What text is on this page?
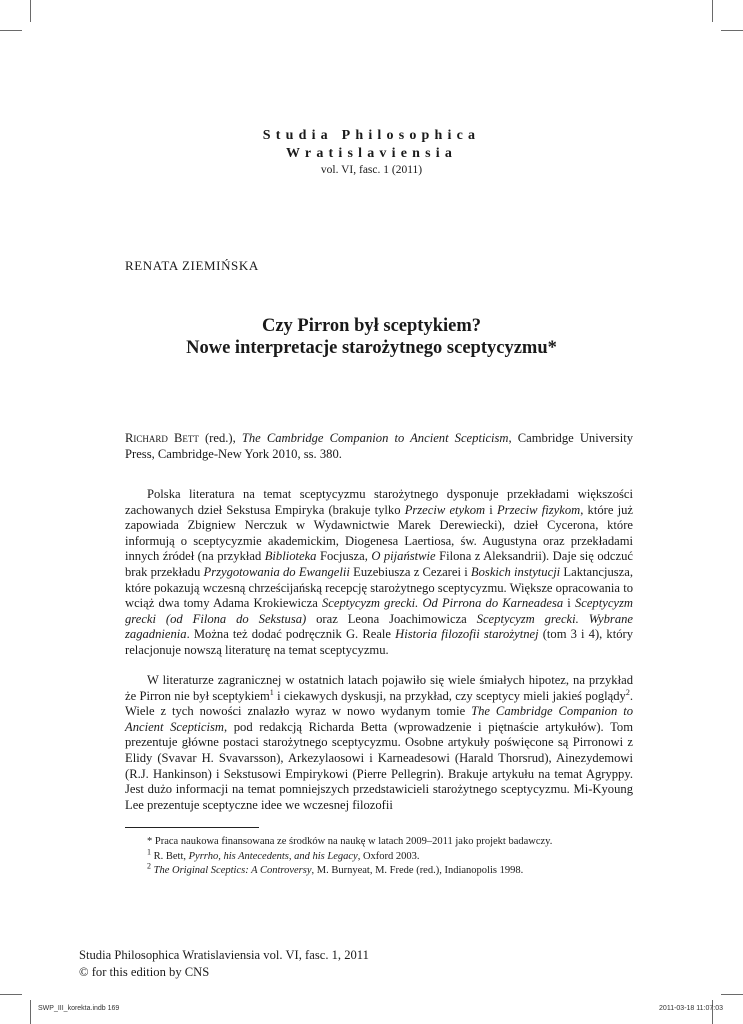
Studia Philosophica
Wratislaviensia
vol. VI, fasc. 1 (2011)
RENATA ZIEMIŃSKA
Czy Pirron był sceptykiem?
Nowe interpretacje starożytnego sceptycyzmu*
Richard Bett (red.), The Cambridge Companion to Ancient Scepticism, Cambridge University Press, Cambridge-New York 2010, ss. 380.
Polska literatura na temat sceptycyzmu starożytnego dysponuje przekładami większości zachowanych dzieł Sekstusa Empiryka (brakuje tylko Przeciw etykom i Przeciw fizykom, które już zapowiada Zbigniew Nerczuk w Wydawnictwie Marek Derewiecki), dzieł Cycerona, które informują o sceptycyzmie akademickim, Diogenesa Laertiosa, św. Augustyna oraz przekładami innych źródeł (na przykład Biblioteka Focjusza, O pijaństwie Filona z Aleksandrii). Daje się odczuć brak przekładu Przygotowania do Ewangelii Euzebiusza z Cezarei i Boskich instytucji Laktancjusza, które pokazują wczesną chrześcijańską recepcję starożytnego sceptycyzmu. Większe opracowania to wciąż dwa tomy Adama Krokiewicza Sceptycyzm grecki. Od Pirrona do Karneadesa i Sceptycyzm grecki (od Filona do Sekstusa) oraz Leona Joachimowicza Sceptycyzm grecki. Wybrane zagadnienia. Można też dodać podręcznik G. Reale Historia filozofii starożytnej (tom 3 i 4), który relacjonuje nowszą literaturę na temat sceptycyzmu.
W literaturze zagranicznej w ostatnich latach pojawiło się wiele śmiałych hipotez, na przykład że Pirron nie był sceptykiem$^1$ i ciekawych dyskusji, na przykład, czy sceptycy mieli jakieś poglądy$^2$. Wiele z tych nowości znalazło wyraz w nowo wydanym tomie The Cambridge Companion to Ancient Scepticism, pod redakcją Richarda Betta (wprowadzenie i piętnaście artykułów). Tom prezentuje główne postaci starożytnego sceptycyzmu. Osobne artykuły poświęcone są Pirronowi z Elidy (Svavar H. Svavarsson), Arkezylaosowi i Karneadesowi (Harald Thorsrud), Ainezydemowi (R.J. Hankinson) i Sekstusowi Empirykowi (Pierre Pellegrin). Brakuje artykułu na temat Agryppy. Jest dużo informacji na temat pomniejszych przedstawicieli starożytnego sceptycyzmu. Mi-Kyoung Lee prezentuje sceptyczne idee we wczesnej filozofii
* Praca naukowa finansowana ze środków na naukę w latach 2009–2011 jako projekt badawczy.
$^1$ R. Bett, Pyrrho, his Antecedents, and his Legacy, Oxford 2003.
$^2$ The Original Sceptics: A Controversy, M. Burnyeat, M. Frede (red.), Indianopolis 1998.
Studia Philosophica Wratislaviensia vol. VI, fasc. 1, 2011
© for this edition by CNS
SWP_III_korekta.indb 169	2011-03-18 11:07:03
